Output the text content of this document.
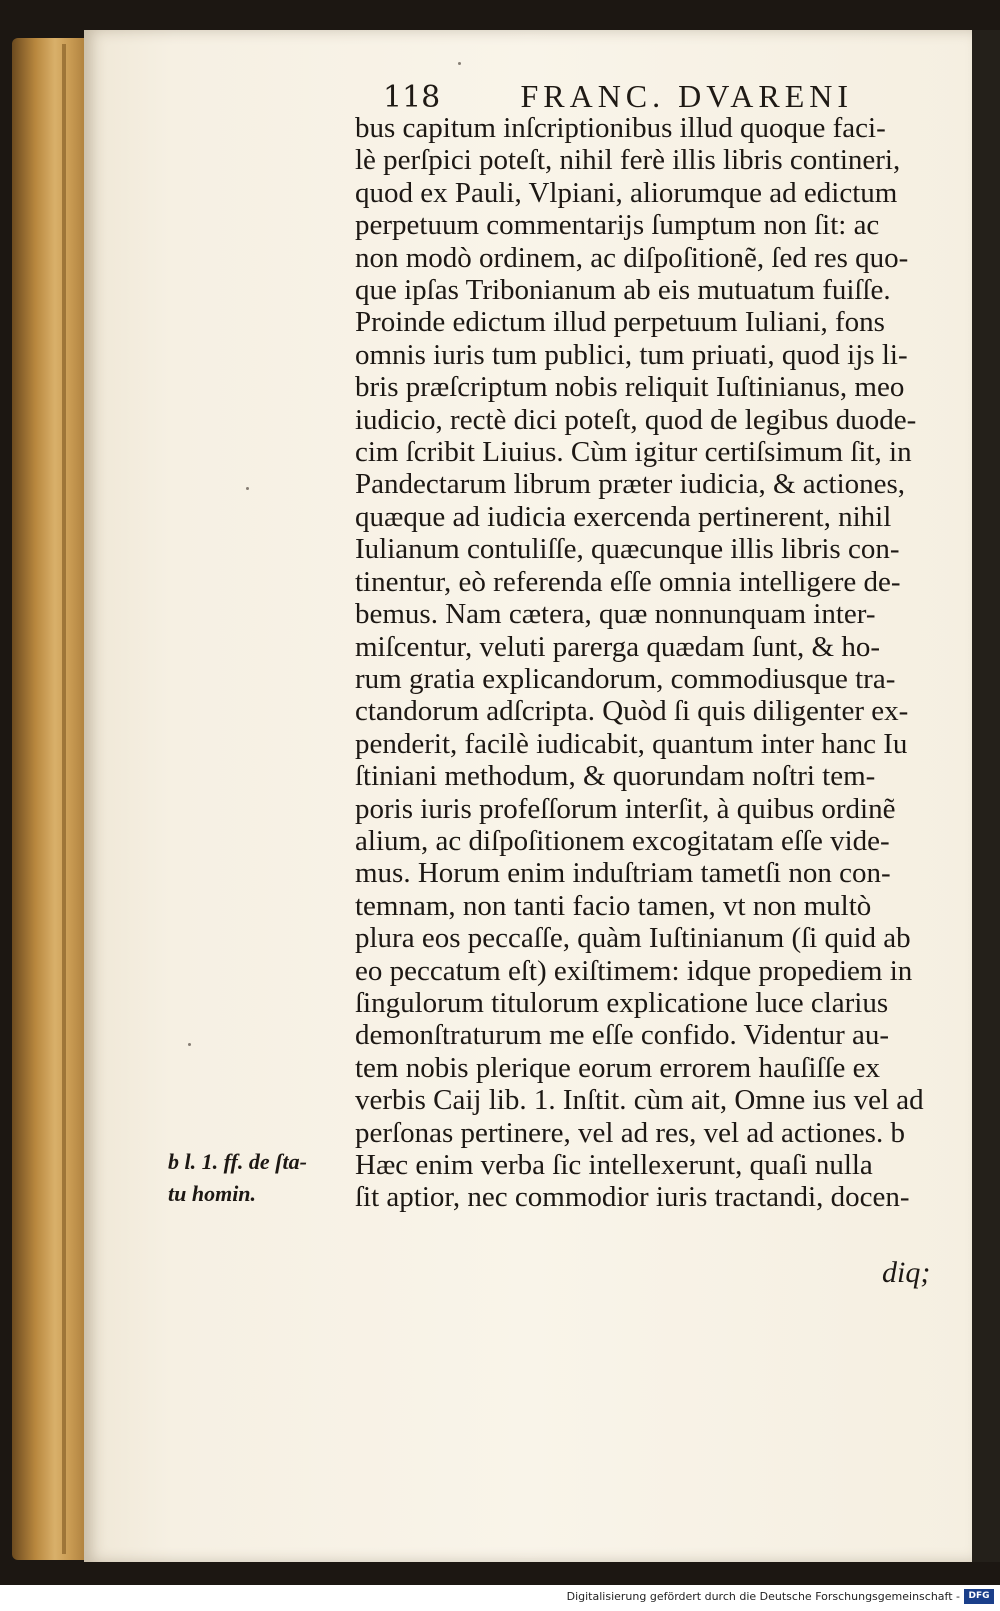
118	FRANC. DVARENI
bus capitum inſcriptionibus illud quoque faci-
lè perſpici poteſt, nihil ferè illis libris contineri,
quod ex Pauli, Vlpiani, aliorumque ad edictum
perpetuum commentariјs ſumptum non ſit: ac
non modò ordinem, ac diſpoſitionẽ, ſed res quo-
que ipſas Tribonianum ab eis mutuatum fuiſſe.
Proinde edictum illud perpetuum Iuliani, fons
omnis iuris tum publici, tum priuati, quod ijs li-
bris præſcriptum nobis reliquit Iuſtinianus, meo
iudicio, rectè dici poteſt, quod de legibus duode-
cim ſcribit Liuius. Cùm igitur certiſsimum ſit, in
Pandectarum librum præter iudicia, & actiones,
quæque ad iudicia exercenda pertinerent, nihil
Iulianum contuliſſe, quæcunque illis libris con-
tinentur, eò referenda eſſe omnia intelligere de-
bemus. Nam cætera, quæ nonnunquam inter-
miſcentur, veluti parerga quædam ſunt, & ho-
rum gratia explicandorum, commodiusque tra-
ctandorum adſcripta. Quòd ſi quis diligenter ex-
penderit, facilè iudicabit, quantum inter hanc Iu
ſtiniani methodum, & quorundam noſtri tem-
poris iuris profeſſorum interſit, à quibus ordinẽ
alium, ac diſpoſitionem excogitatam eſſe vide-
mus. Horum enim induſtriam tametſi non con-
temnam, non tanti facio tamen, vt non multò
plura eos peccaſſe, quàm Iuſtinianum (ſi quid ab
eo peccatum eſt) exiſtimem: idque propediem in
ſingulorum titulorum explicatione luce clarius
demonſtraturum me eſſe confido. Videntur au-
tem nobis plerique eorum errorem hauſiſſe ex
verbis Caij lib. 1. Inſtit. cùm ait, Omne ius vel ad
perſonas pertinere, vel ad res, vel ad actiones. b
Hæc enim verba ſic intellexerunt, quaſi nulla
ſit aptior, nec commodior iuris tractandi, docen-
b l. 1. ff. de ſta-
tu homin.
diq;
Digitalisierung gefördert durch die Deutsche Forschungsgemeinschaft - DFG
